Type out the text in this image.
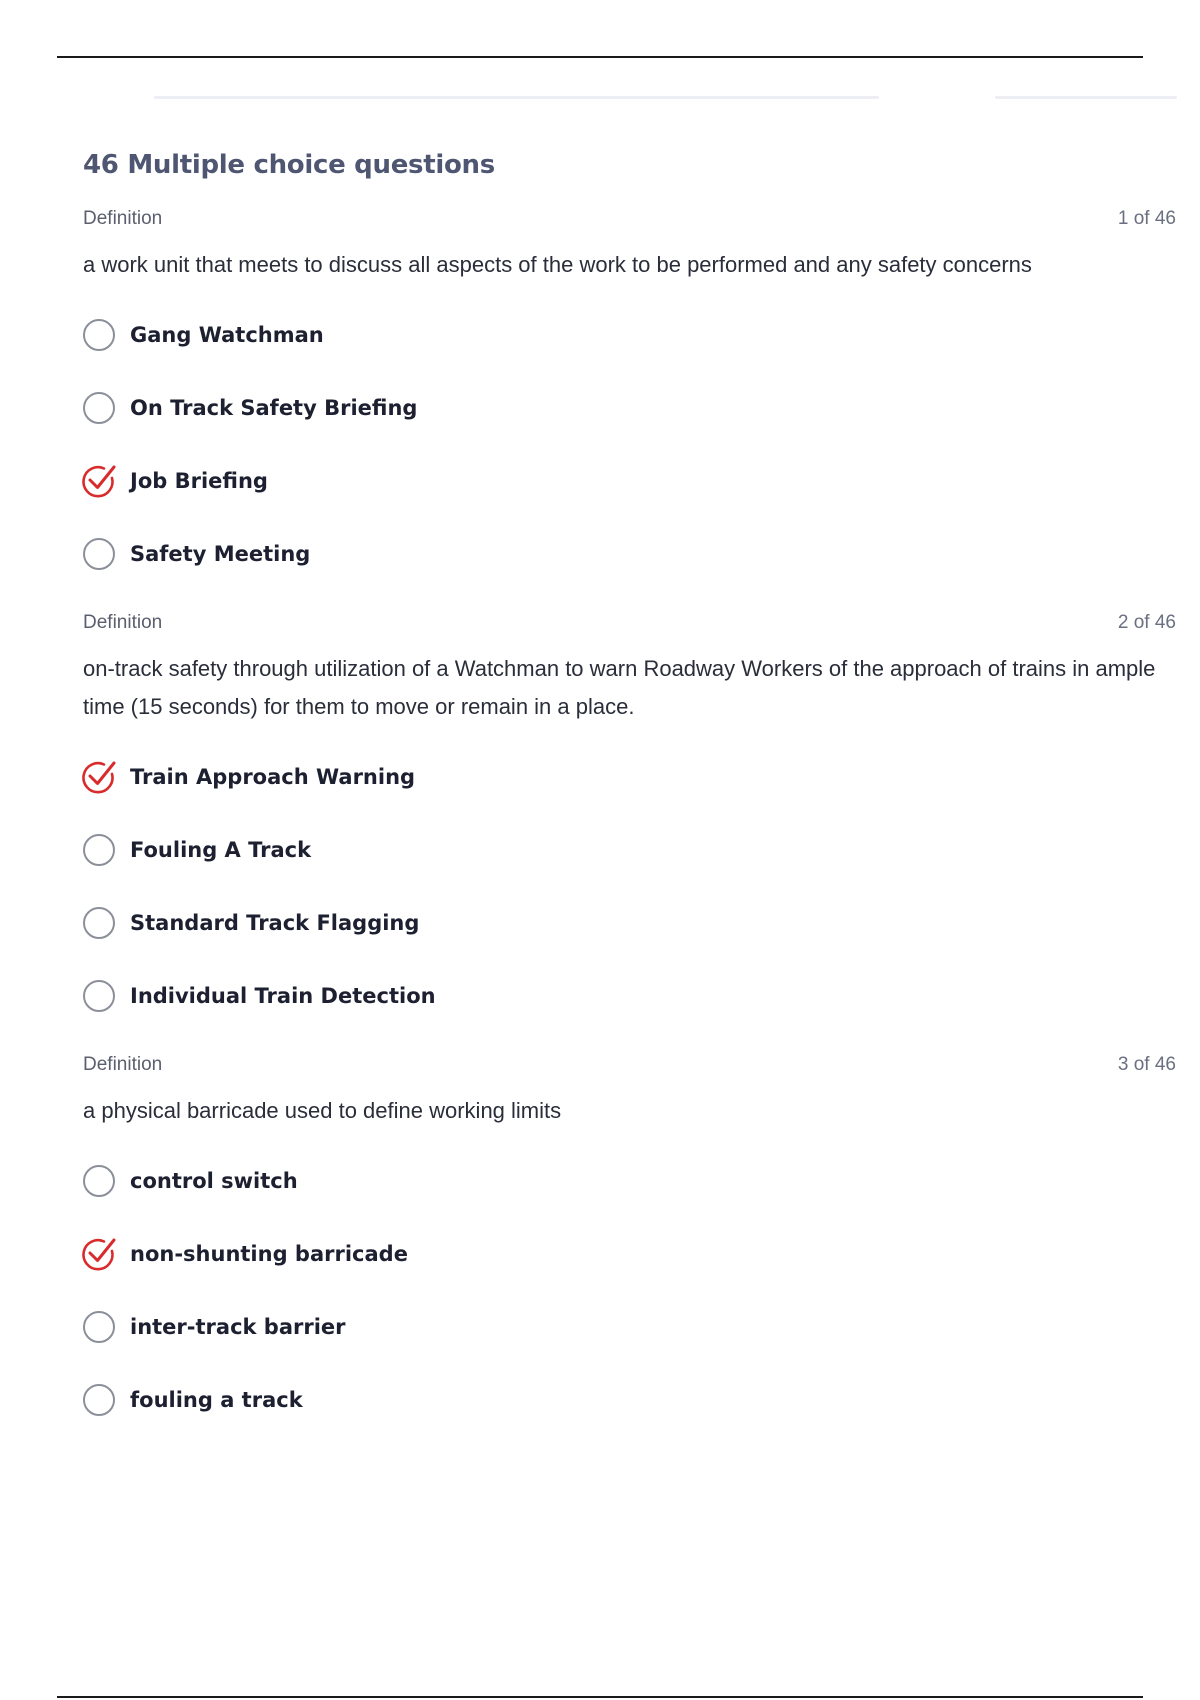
46 Multiple choice questions
Definition	1 of 46
a work unit that meets to discuss all aspects of the work to be performed and any safety concerns
Gang Watchman
On Track Safety Briefing
Job Briefing
Safety Meeting
Definition	2 of 46
on-track safety through utilization of a Watchman to warn Roadway Workers of the approach of trains in ample time (15 seconds) for them to move or remain in a place.
Train Approach Warning
Fouling A Track
Standard Track Flagging
Individual Train Detection
Definition	3 of 46
a physical barricade used to define working limits
control switch
non-shunting barricade
inter-track barrier
fouling a track
